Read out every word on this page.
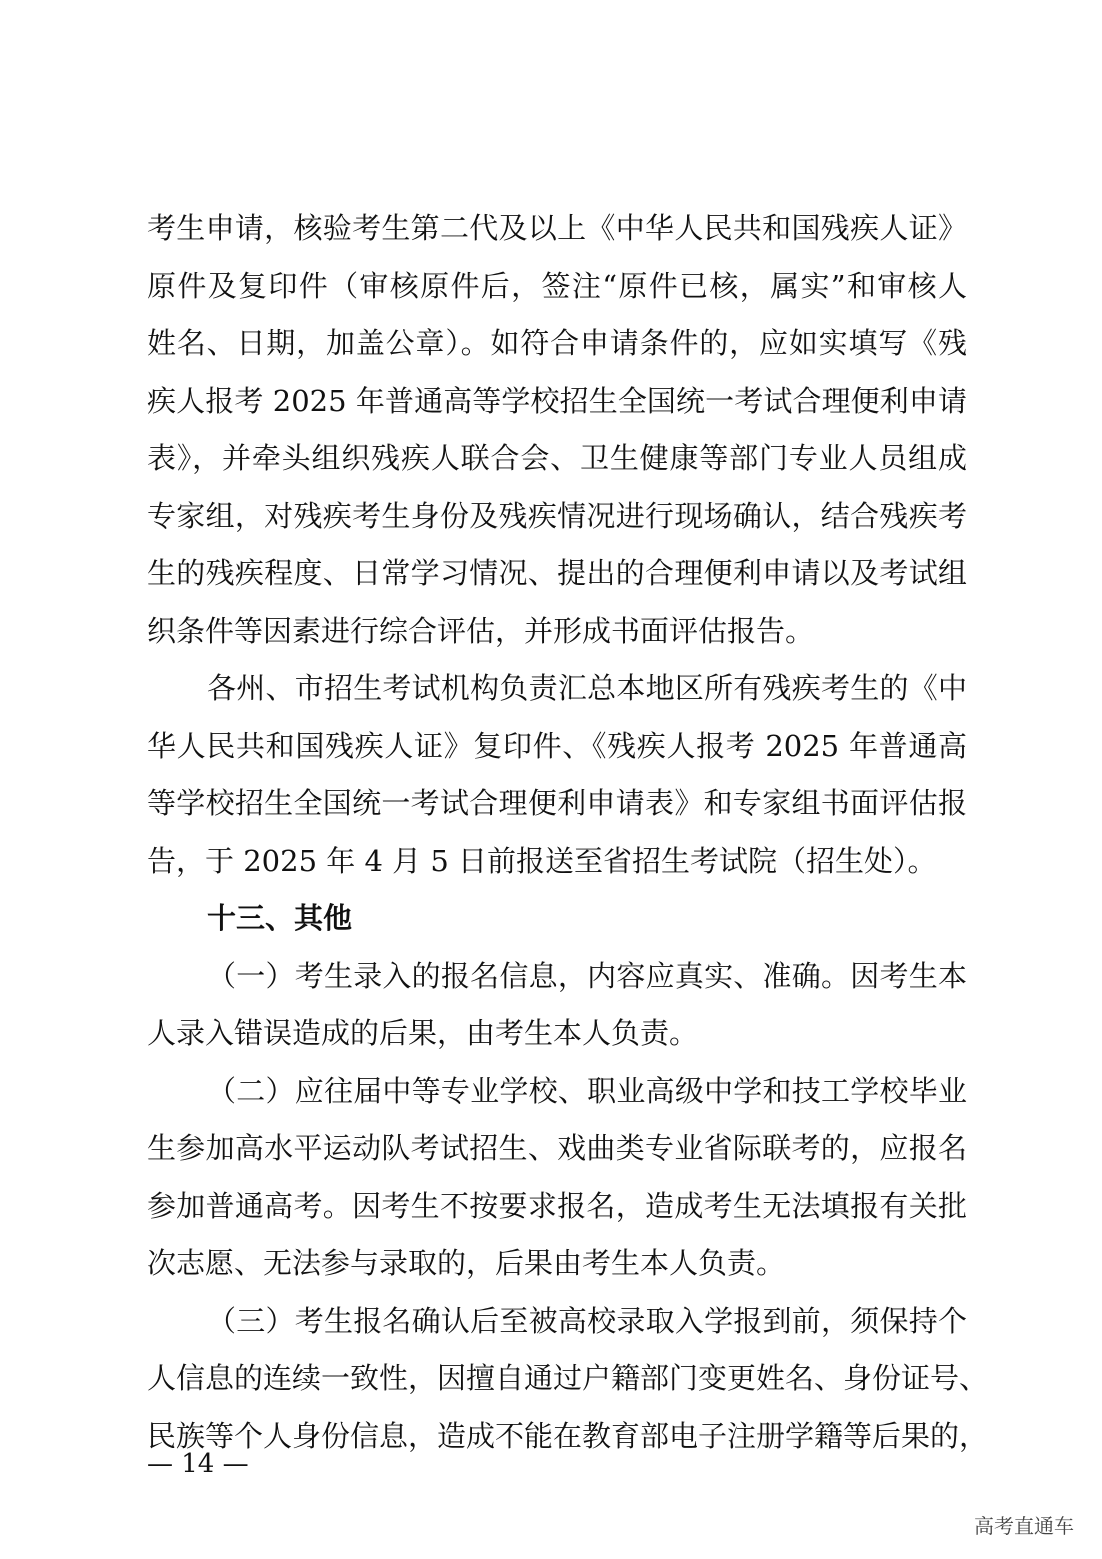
考生申请，核验考生第二代及以上《中华人民共和国残疾人证》
原件及复印件（审核原件后，签注“原件已核，属实”和审核人
姓名、日期，加盖公章）。如符合申请条件的，应如实填写《残
疾人报考 2025 年普通高等学校招生全国统一考试合理便利申请
表》，并牵头组织残疾人联合会、卫生健康等部门专业人员组成
专家组，对残疾考生身份及残疾情况进行现场确认，结合残疾考
生的残疾程度、日常学习情况、提出的合理便利申请以及考试组
织条件等因素进行综合评估，并形成书面评估报告。
各州、市招生考试机构负责汇总本地区所有残疾考生的《中
华人民共和国残疾人证》复印件、《残疾人报考 2025 年普通高
等学校招生全国统一考试合理便利申请表》和专家组书面评估报
告，于 2025 年 4 月 5 日前报送至省招生考试院（招生处）。
十三、其他
（一）考生录入的报名信息，内容应真实、准确。因考生本
人录入错误造成的后果，由考生本人负责。
（二）应往届中等专业学校、职业高级中学和技工学校毕业
生参加高水平运动队考试招生、戏曲类专业省际联考的，应报名
参加普通高考。因考生不按要求报名，造成考生无法填报有关批
次志愿、无法参与录取的，后果由考生本人负责。
（三）考生报名确认后至被高校录取入学报到前，须保持个
人信息的连续一致性，因擅自通过户籍部门变更姓名、身份证号、
民族等个人身份信息，造成不能在教育部电子注册学籍等后果的，
— 14 —
高考直通车
